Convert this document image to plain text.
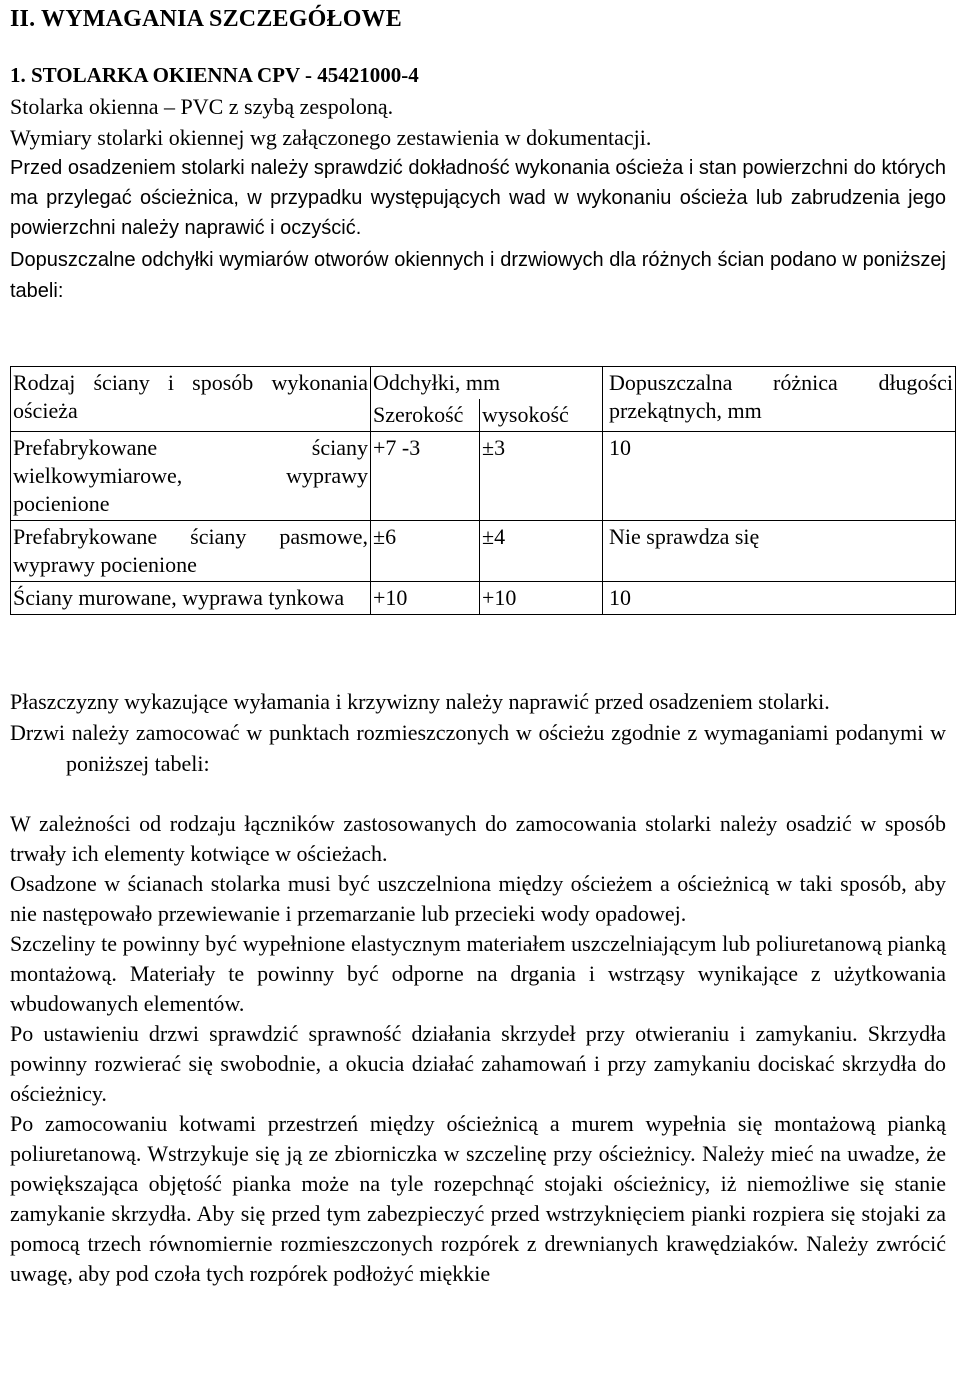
II. WYMAGANIA SZCZEGÓŁOWE

1. STOLARKA OKIENNA CPV - 45421000-4

Stolarka okienna – PVC z szybą zespoloną.

Wymiary stolarki okiennej wg załączonego zestawienia w dokumentacji.

Przed osadzeniem stolarki należy sprawdzić dokładność wykonania ościeża i stan powierzchni do których ma przylegać ościeżnica, w przypadku występujących wad w wykonaniu ościeża lub zabrudzenia jego powierzchni należy naprawić i oczyścić.

Dopuszczalne odchyłki wymiarów otworów okiennych i drzwiowych dla różnych ścian podano w poniższej tabeli:

Rodzaj ściany i sposób wykonania ościeża	Odchyłki, mm		Dopuszczalna różnica długości przekątnych, mm
	Szerokość	wysokość	
Prefabrykowane ściany wielkowymiarowe, wyprawy pocienione	+7 -3	±3	10
Prefabrykowane ściany pasmowe, wyprawy pocienione	±6	±4	Nie sprawdza się
Ściany murowane, wyprawa tynkowa	+10	+10	10

Płaszczyzny wykazujące wyłamania i krzywizny należy naprawić przed osadzeniem stolarki.

Drzwi należy zamocować w punktach rozmieszczonych w ościeżu zgodnie z wymaganiami podanymi w poniższej tabeli:

W zależności od rodzaju łączników zastosowanych do zamocowania stolarki należy osadzić w sposób trwały ich elementy kotwiące w ościeżach.

Osadzone w ścianach stolarka musi być uszczelniona między ościeżem a ościeżnicą w taki sposób, aby nie następowało przewiewanie i przemarzanie lub przecieki wody opadowej.

Szczeliny te powinny być wypełnione elastycznym materiałem uszczelniającym lub poliuretanową pianką montażową. Materiały te powinny być odporne na drgania i wstrząsy wynikające z użytkowania wbudowanych elementów.

Po ustawieniu drzwi sprawdzić sprawność działania skrzydeł przy otwieraniu i zamykaniu. Skrzydła powinny rozwierać się swobodnie, a okucia działać zahamowań i przy zamykaniu dociskać skrzydła do ościeżnicy.

Po zamocowaniu kotwami przestrzeń między ościeżnicą a murem wypełnia się montażową pianką poliuretanową. Wstrzykuje się ją ze zbiorniczka w szczelinę przy ościeżnicy. Należy mieć na uwadze, że powiększająca objętość pianka może na tyle rozepchnąć stojaki ościeżnicy, iż niemożliwe się stanie zamykanie skrzydła. Aby się przed tym zabezpieczyć przed wstrzyknięciem pianki rozpiera się stojaki za pomocą trzech równomiernie rozmieszczonych rozpórek z drewnianych krawędziaków. Należy zwrócić uwagę, aby pod czoła tych rozpórek podłożyć miękkie
